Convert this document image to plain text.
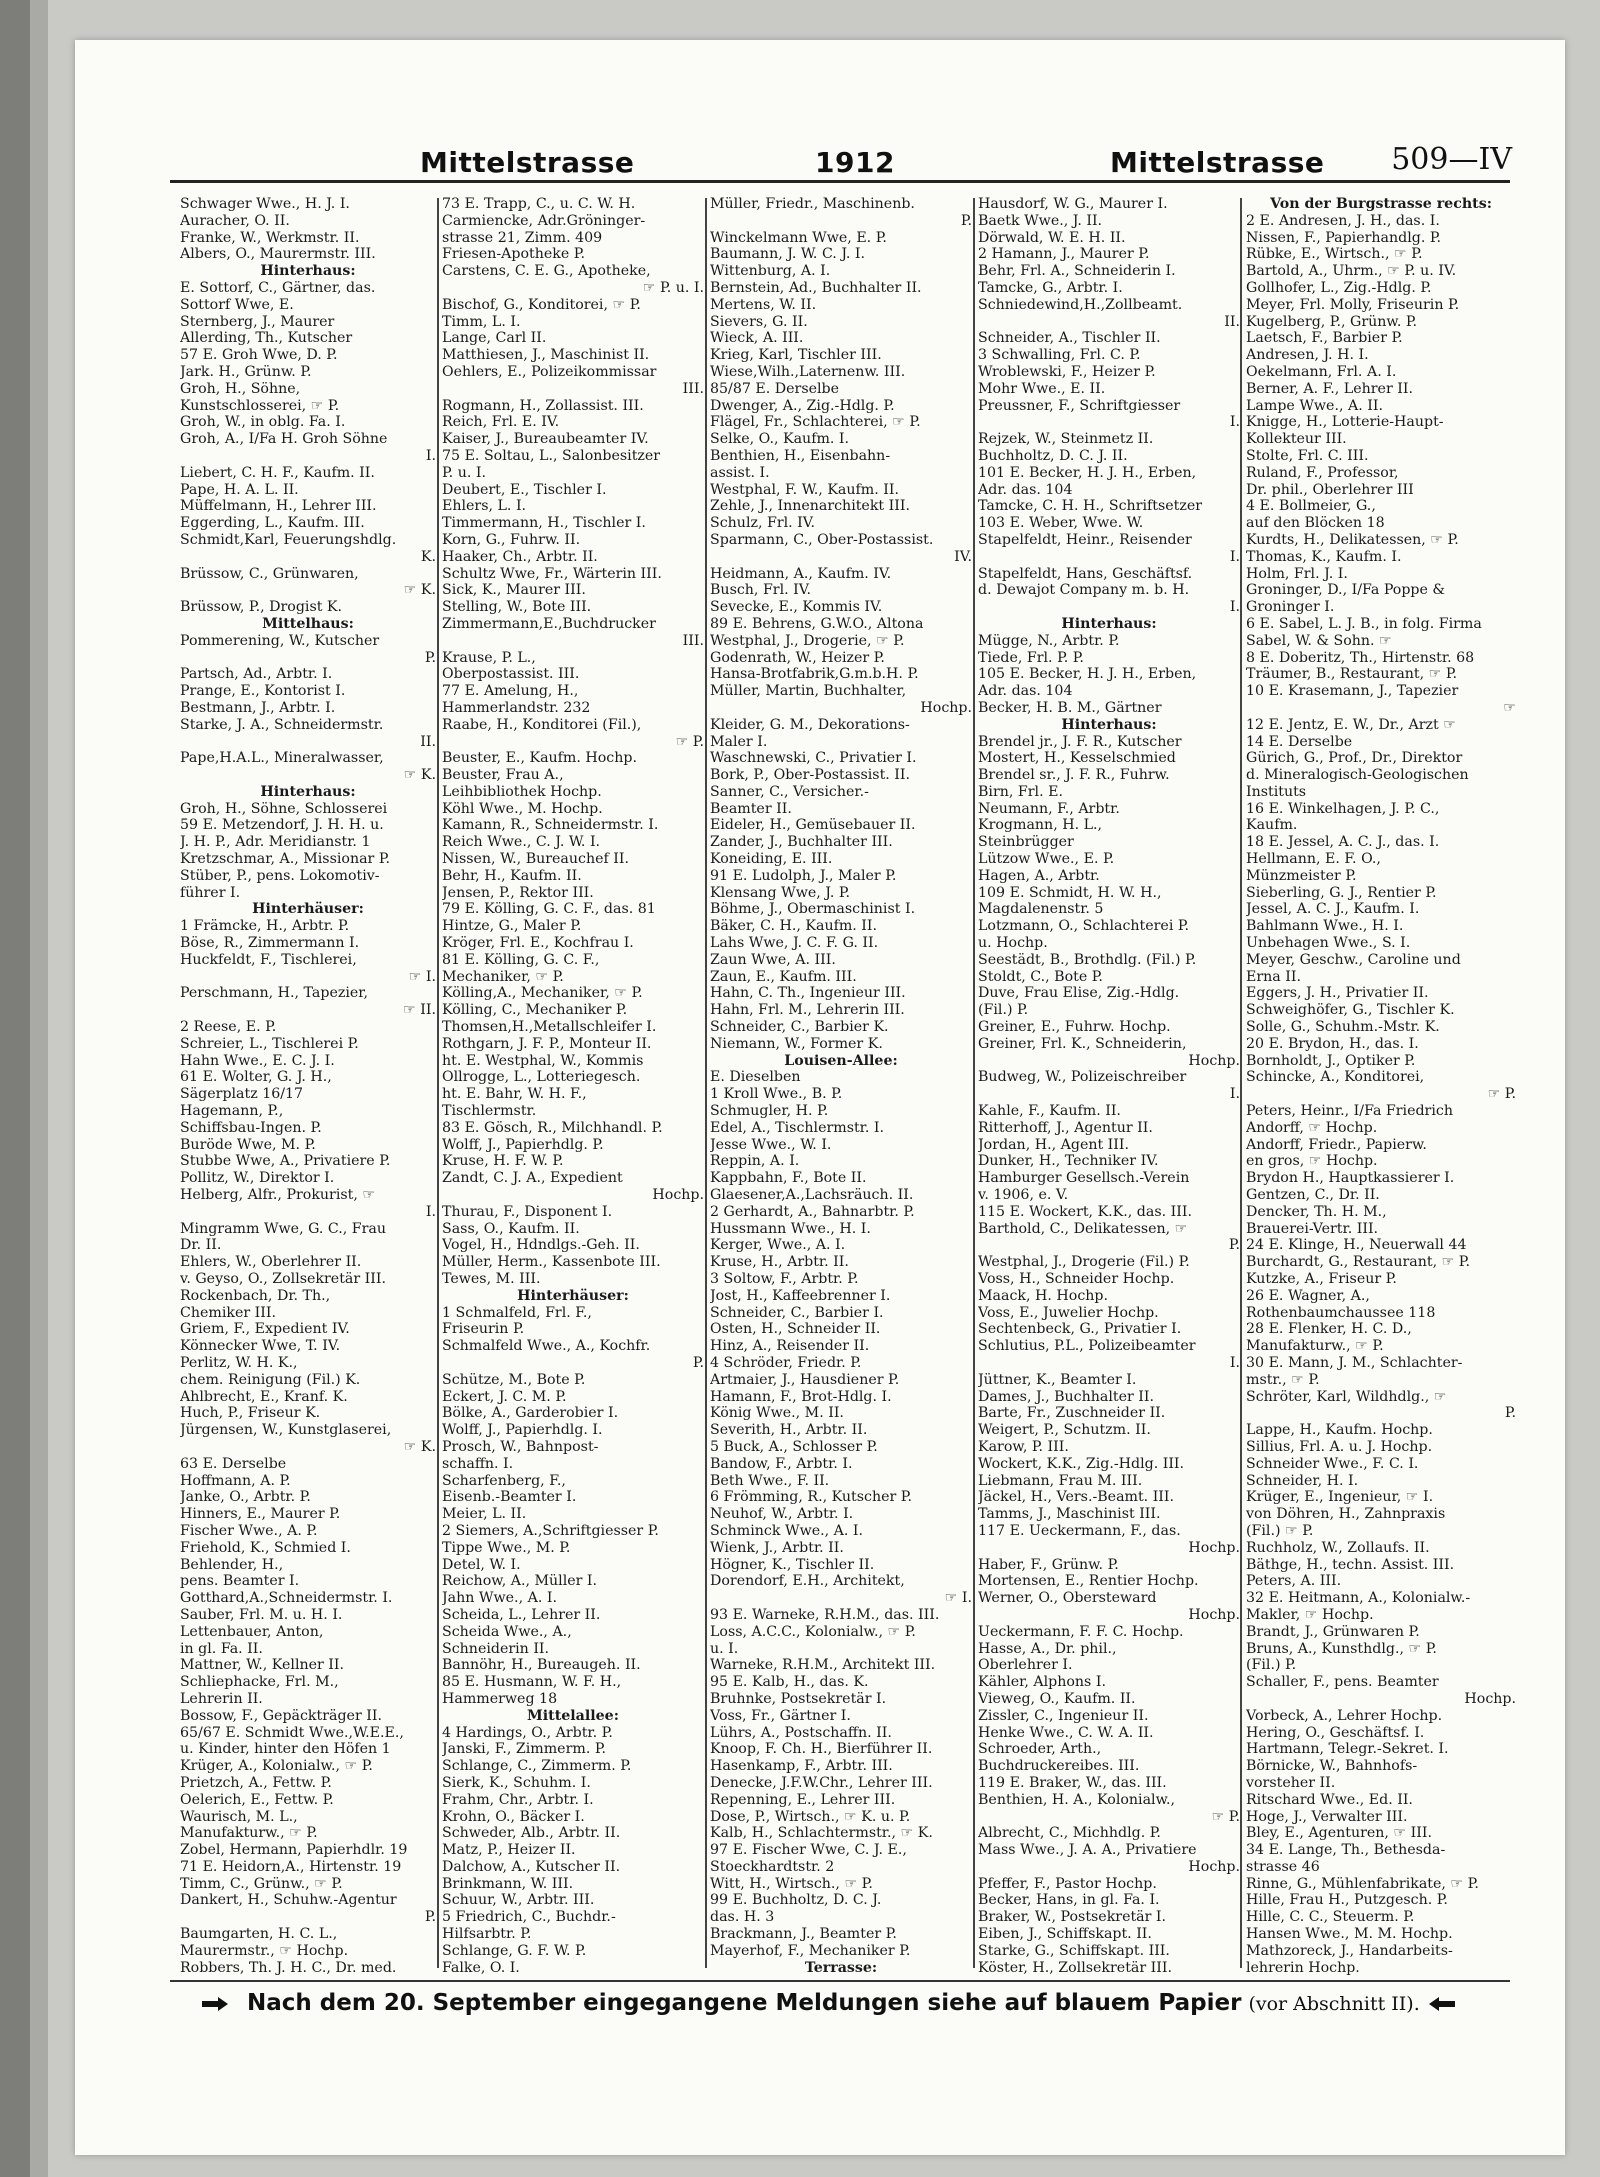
Mittelstrasse	1912	Mittelstrasse 509—IV
Schwager Wwe., H. J. I.
Auracher, O. II.
Franke, W., Werkmstr. II.
Albers, O., Maurermstr. III.
Hinterhaus:
E. Sottorf, C., Gärtner, das.
Sottorf Wwe, E.
Sternberg, J., Maurer
Allerding, Th., Kutscher
57 E. Groh Wwe, D. P.
Jark. H., Grünw. P.
Groh, H., Söhne,
Kunstschlosserei, ☞ P.
Groh, W., in oblg. Fa. I.
Groh, A., I/Fa H. Groh Söhne
I.
Liebert, C. H. F., Kaufm. II.
Pape, H. A. L. II.
Müffelmann, H., Lehrer III.
Eggerding, L., Kaufm. III.
Schmidt,Karl, Feuerungshdlg.
K.
Brüssow, C., Grünwaren,
☞ K.
Brüssow, P., Drogist K.
Mittelhaus:
Pommerening, W., Kutscher
P.
Partsch, Ad., Arbtr. I.
Prange, E., Kontorist I.
Bestmann, J., Arbtr. I.
Starke, J. A., Schneidermstr.
II.
Pape,H.A.L., Mineralwasser,
☞ K.
Hinterhaus:
Groh, H., Söhne, Schlosserei
59 E. Metzendorf, J. H. H. u.
J. H. P., Adr. Meridianstr. 1
Kretzschmar, A., Missionar P.
Stüber, P., pens. Lokomotiv-
führer I.
Hinterhäuser:
1 Främcke, H., Arbtr. P.
Böse, R., Zimmermann I.
Huckfeldt, F., Tischlerei,
☞ I.
Perschmann, H., Tapezier,
☞ II.
2 Reese, E. P.
Schreier, L., Tischlerei P.
Hahn Wwe., E. C. J. I.
61 E. Wolter, G. J. H.,
Sägerplatz 16/17
Hagemann, P.,
Schiffsbau-Ingen. P.
Buröde Wwe, M. P.
Stubbe Wwe, A., Privatiere P.
Pollitz, W., Direktor I.
Helberg, Alfr., Prokurist, ☞
I.
Mingramm Wwe, G. C., Frau
Dr. II.
Ehlers, W., Oberlehrer II.
v. Geyso, O., Zollsekretär III.
Rockenbach, Dr. Th.,
Chemiker III.
Griem, F., Expedient IV.
Könnecker Wwe, T. IV.
Perlitz, W. H. K.,
chem. Reinigung (Fil.) K.
Ahlbrecht, E., Kranf. K.
Huch, P., Friseur K.
Jürgensen, W., Kunstglaserei,
☞ K.
63 E. Derselbe
Hoffmann, A. P.
Janke, O., Arbtr. P.
Hinners, E., Maurer P.
Fischer Wwe., A. P.
Friehold, K., Schmied I.
Behlender, H.,
pens. Beamter I.
Gotthard,A.,Schneidermstr. I.
Sauber, Frl. M. u. H. I.
Lettenbauer, Anton,
in gl. Fa. II.
Mattner, W., Kellner II.
Schliephacke, Frl. M.,
Lehrerin II.
Bossow, F., Gepäckträger II.
65/67 E. Schmidt Wwe.,W.E.E.,
u. Kinder, hinter den Höfen 1
Krüger, A., Kolonialw., ☞ P.
Prietzch, A., Fettw. P.
Oelerich, E., Fettw. P.
Waurisch, M. L.,
Manufakturw., ☞ P.
Zobel, Hermann, Papierhdlr. 19
71 E. Heidorn,A., Hirtenstr. 19
Timm, C., Grünw., ☞ P.
Dankert, H., Schuhw.-Agentur
P.
Baumgarten, H. C. L.,
Maurermstr., ☞ Hochp.
Robbers, Th. J. H. C., Dr. med.
73 E. Trapp, C., u. C. W. H.
Carmiencke, Adr.Gröninger-
strasse 21, Zimm. 409
Friesen-Apotheke P.
Carstens, C. E. G., Apotheke,
☞ P. u. I.
Bischof, G., Konditorei, ☞ P.
Timm, L. I.
Lange, Carl II.
Matthiesen, J., Maschinist II.
Oehlers, E., Polizeikommissar
III.
Rogmann, H., Zollassist. III.
Reich, Frl. E. IV.
Kaiser, J., Bureaubeamter IV.
75 E. Soltau, L., Salonbesitzer
P. u. I.
Deubert, E., Tischler I.
Ehlers, L. I.
Timmermann, H., Tischler I.
Korn, G., Fuhrw. II.
Haaker, Ch., Arbtr. II.
Schultz Wwe, Fr., Wärterin III.
Sick, K., Maurer III.
Stelling, W., Bote III.
Zimmermann,E.,Buchdrucker
III.
Krause, P. L.,
Oberpostassist. III.
77 E. Amelung, H.,
Hammerlandstr. 232
Raabe, H., Konditorei (Fil.),
☞ P.
Beuster, E., Kaufm. Hochp.
Beuster, Frau A.,
Leihbibliothek Hochp.
Köhl Wwe., M. Hochp.
Kamann, R., Schneidermstr. I.
Reich Wwe., C. J. W. I.
Nissen, W., Bureauchef II.
Behr, H., Kaufm. II.
Jensen, P., Rektor III.
79 E. Kölling, G. C. F., das. 81
Hintze, G., Maler P.
Kröger, Frl. E., Kochfrau I.
81 E. Kölling, G. C. F.,
Mechaniker, ☞ P.
Kölling,A., Mechaniker, ☞ P.
Kölling, C., Mechaniker P.
Thomsen,H.,Metallschleifer I.
Rothgarn, J. F. P., Monteur II.
ht. E. Westphal, W., Kommis
Ollrogge, L., Lotteriegesch.
ht. E. Bahr, W. H. F.,
Tischlermstr.
83 E. Gösch, R., Milchhandl. P.
Wolff, J., Papierhdlg. P.
Kruse, H. F. W. P.
Zandt, C. J. A., Expedient
Hochp.
Thurau, F., Disponent I.
Sass, O., Kaufm. II.
Vogel, H., Hdndlgs.-Geh. II.
Müller, Herm., Kassenbote III.
Tewes, M. III.
Hinterhäuser:
1 Schmalfeld, Frl. F.,
Friseurin P.
Schmalfeld Wwe., A., Kochfr.
P.
Schütze, M., Bote P.
Eckert, J. C. M. P.
Bölke, A., Garderobier I.
Wolff, J., Papierhdlg. I.
Prosch, W., Bahnpost-
schaffn. I.
Scharfenberg, F.,
Eisenb.-Beamter I.
Meier, L. II.
2 Siemers, A.,Schriftgiesser P.
Tippe Wwe., M. P.
Detel, W. I.
Reichow, A., Müller I.
Jahn Wwe., A. I.
Scheida, L., Lehrer II.
Scheida Wwe., A.,
Schneiderin II.
Bannöhr, H., Bureaugeh. II.
85 E. Husmann, W. F. H.,
Hammerweg 18
Mittelallee:
4 Hardings, O., Arbtr. P.
Janski, F., Zimmerm. P.
Schlange, C., Zimmerm. P.
Sierk, K., Schuhm. I.
Frahm, Chr., Arbtr. I.
Krohn, O., Bäcker I.
Schweder, Alb., Arbtr. II.
Matz, P., Heizer II.
Dalchow, A., Kutscher II.
Brinkmann, W. III.
Schuur, W., Arbtr. III.
5 Friedrich, C., Buchdr.-
Hilfsarbtr. P.
Schlange, G. F. W. P.
Falke, O. I.
Müller, Friedr., Maschinenb.
P.
Winckelmann Wwe, E. P.
Baumann, J. W. C. J. I.
Wittenburg, A. I.
Bernstein, Ad., Buchhalter II.
Mertens, W. II.
Sievers, G. II.
Wieck, A. III.
Krieg, Karl, Tischler III.
Wiese,Wilh.,Laternenw. III.
85/87 E. Derselbe
Dwenger, A., Zig.-Hdlg. P.
Flägel, Fr., Schlachterei, ☞ P.
Selke, O., Kaufm. I.
Benthien, H., Eisenbahn-
assist. I.
Westphal, F. W., Kaufm. II.
Zehle, J., Innenarchitekt III.
Schulz, Frl. IV.
Sparmann, C., Ober-Postassist.
IV.
Heidmann, A., Kaufm. IV.
Busch, Frl. IV.
Sevecke, E., Kommis IV.
89 E. Behrens, G.W.O., Altona
Westphal, J., Drogerie, ☞ P.
Godenrath, W., Heizer P.
Hansa-Brotfabrik,G.m.b.H. P.
Müller, Martin, Buchhalter,
Hochp.
Kleider, G. M., Dekorations-
Maler I.
Waschnewski, C., Privatier I.
Bork, P., Ober-Postassist. II.
Sanner, C., Versicher.-
Beamter II.
Eideler, H., Gemüsebauer II.
Zander, J., Buchhalter III.
Koneiding, E. III.
91 E. Ludolph, J., Maler P.
Klensang Wwe, J. P.
Böhme, J., Obermaschinist I.
Bäker, C. H., Kaufm. II.
Lahs Wwe, J. C. F. G. II.
Zaun Wwe, A. III.
Zaun, E., Kaufm. III.
Hahn, C. Th., Ingenieur III.
Hahn, Frl. M., Lehrerin III.
Schneider, C., Barbier K.
Niemann, W., Former K.
Louisen-Allee:
E. Dieselben
1 Kroll Wwe., B. P.
Schmugler, H. P.
Edel, A., Tischlermstr. I.
Jesse Wwe., W. I.
Reppin, A. I.
Kappbahn, F., Bote II.
Glaesener,A.,Lachsräuch. II.
2 Gerhardt, A., Bahnarbtr. P.
Hussmann Wwe., H. I.
Kerger, Wwe., A. I.
Kruse, H., Arbtr. II.
3 Soltow, F., Arbtr. P.
Jost, H., Kaffeebrenner I.
Schneider, C., Barbier I.
Osten, H., Schneider II.
Hinz, A., Reisender II.
4 Schröder, Friedr. P.
Artmaier, J., Hausdiener P.
Hamann, F., Brot-Hdlg. I.
König Wwe., M. II.
Severith, H., Arbtr. II.
5 Buck, A., Schlosser P.
Bandow, F., Arbtr. I.
Beth Wwe., F. II.
6 Frömming, R., Kutscher P.
Neuhof, W., Arbtr. I.
Schminck Wwe., A. I.
Wienk, J., Arbtr. II.
Högner, K., Tischler II.
Dorendorf, E.H., Architekt,
☞ I.
93 E. Warneke, R.H.M., das. III.
Loss, A.C.C., Kolonialw., ☞ P.
u. I.
Warneke, R.H.M., Architekt III.
95 E. Kalb, H., das. K.
Bruhnke, Postsekretär I.
Voss, Fr., Gärtner I.
Lührs, A., Postschaffn. II.
Knoop, F. Ch. H., Bierführer II.
Hasenkamp, F., Arbtr. III.
Denecke, J.F.W.Chr., Lehrer III.
Repenning, E., Lehrer III.
Dose, P., Wirtsch., ☞ K. u. P.
Kalb, H., Schlachtermstr., ☞ K.
97 E. Fischer Wwe, C. J. E.,
Stoeckhardtstr. 2
Witt, H., Wirtsch., ☞ P.
99 E. Buchholtz, D. C. J.
das. H. 3
Brackmann, J., Beamter P.
Mayerhof, F., Mechaniker P.
Terrasse:
Hausdorf, W. G., Maurer I.
Baetk Wwe., J. II.
Dörwald, W. E. H. II.
2 Hamann, J., Maurer P.
Behr, Frl. A., Schneiderin I.
Tamcke, G., Arbtr. I.
Schniedewind,H.,Zollbeamt.
II.
Schneider, A., Tischler II.
3 Schwalling, Frl. C. P.
Wroblewski, F., Heizer P.
Mohr Wwe., E. II.
Preussner, F., Schriftgiesser
I.
Rejzek, W., Steinmetz II.
Buchholtz, D. C. J. II.
101 E. Becker, H. J. H., Erben,
Adr. das. 104
Tamcke, C. H. H., Schriftsetzer
103 E. Weber, Wwe. W.
Stapelfeldt, Heinr., Reisender
I.
Stapelfeldt, Hans, Geschäftsf.
d. Dewajot Company m. b. H.
I.
Hinterhaus:
Mügge, N., Arbtr. P.
Tiede, Frl. P. P.
105 E. Becker, H. J. H., Erben,
Adr. das. 104
Becker, H. B. M., Gärtner
Hinterhaus:
Brendel jr., J. F. R., Kutscher
Mostert, H., Kesselschmied
Brendel sr., J. F. R., Fuhrw.
Birn, Frl. E.
Neumann, F., Arbtr.
Krogmann, H. L.,
Steinbrügger
Lützow Wwe., E. P.
Hagen, A., Arbtr.
109 E. Schmidt, H. W. H.,
Magdalenenstr. 5
Lotzmann, O., Schlachterei P.
u. Hochp.
Seestädt, B., Brothdlg. (Fil.) P.
Stoldt, C., Bote P.
Duve, Frau Elise, Zig.-Hdlg.
(Fil.) P.
Greiner, E., Fuhrw. Hochp.
Greiner, Frl. K., Schneiderin,
Hochp.
Budweg, W., Polizeischreiber
I.
Kahle, F., Kaufm. II.
Ritterhoff, J., Agentur II.
Jordan, H., Agent III.
Dunker, H., Techniker IV.
Hamburger Gesellsch.-Verein
v. 1906, e. V.
115 E. Wockert, K.K., das. III.
Barthold, C., Delikatessen, ☞
P.
Westphal, J., Drogerie (Fil.) P.
Voss, H., Schneider Hochp.
Maack, H. Hochp.
Voss, E., Juwelier Hochp.
Sechtenbeck, G., Privatier I.
Schlutius, P.L., Polizeibeamter
I.
Jüttner, K., Beamter I.
Dames, J., Buchhalter II.
Barte, Fr., Zuschneider II.
Weigert, P., Schutzm. II.
Karow, P. III.
Wockert, K.K., Zig.-Hdlg. III.
Liebmann, Frau M. III.
Jäckel, H., Vers.-Beamt. III.
Tamms, J., Maschinist III.
117 E. Ueckermann, F., das.
Hochp.
Haber, F., Grünw. P.
Mortensen, E., Rentier Hochp.
Werner, O., Obersteward
Hochp.
Ueckermann, F. F. C. Hochp.
Hasse, A., Dr. phil.,
Oberlehrer I.
Kähler, Alphons I.
Vieweg, O., Kaufm. II.
Zissler, C., Ingenieur II.
Henke Wwe., C. W. A. II.
Schroeder, Arth.,
Buchdruckereibes. III.
119 E. Braker, W., das. III.
Benthien, H. A., Kolonialw.,
☞ P.
Albrecht, C., Michhdlg. P.
Mass Wwe., J. A. A., Privatiere
Hochp.
Pfeffer, F., Pastor Hochp.
Becker, Hans, in gl. Fa. I.
Braker, W., Postsekretär I.
Eiben, J., Schiffskapt. II.
Starke, G., Schiffskapt. III.
Köster, H., Zollsekretär III.
Von der Burgstrasse rechts:
2 E. Andresen, J. H., das. I.
Nissen, F., Papierhandlg. P.
Rübke, E., Wirtsch., ☞ P.
Bartold, A., Uhrm., ☞ P. u. IV.
Gollhofer, L., Zig.-Hdlg. P.
Meyer, Frl. Molly, Friseurin P.
Kugelberg, P., Grünw. P.
Laetsch, F., Barbier P.
Andresen, J. H. I.
Oekelmann, Frl. A. I.
Berner, A. F., Lehrer II.
Lampe Wwe., A. II.
Knigge, H., Lotterie-Haupt-
Kollekteur III.
Stolte, Frl. C. III.
Ruland, F., Professor,
Dr. phil., Oberlehrer III
4 E. Bollmeier, G.,
auf den Blöcken 18
Kurdts, H., Delikatessen, ☞ P.
Thomas, K., Kaufm. I.
Holm, Frl. J. I.
Groninger, D., I/Fa Poppe &
Groninger I.
6 E. Sabel, L. J. B., in folg. Firma
Sabel, W. & Sohn. ☞
8 E. Doberitz, Th., Hirtenstr. 68
Träumer, B., Restaurant, ☞ P.
10 E. Krasemann, J., Tapezier
☞
12 E. Jentz, E. W., Dr., Arzt ☞
14 E. Derselbe
Gürich, G., Prof., Dr., Direktor
d. Mineralogisch-Geologischen
Instituts
16 E. Winkelhagen, J. P. C.,
Kaufm.
18 E. Jessel, A. C. J., das. I.
Hellmann, E. F. O.,
Münzmeister P.
Sieberling, G. J., Rentier P.
Jessel, A. C. J., Kaufm. I.
Bahlmann Wwe., H. I.
Unbehagen Wwe., S. I.
Meyer, Geschw., Caroline und
Erna II.
Eggers, J. H., Privatier II.
Schweighöfer, G., Tischler K.
Solle, G., Schuhm.-Mstr. K.
20 E. Brydon, H., das. I.
Bornholdt, J., Optiker P.
Schincke, A., Konditorei,
☞ P.
Peters, Heinr., I/Fa Friedrich
Andorff, ☞ Hochp.
Andorff, Friedr., Papierw.
en gros, ☞ Hochp.
Brydon H., Hauptkassierer I.
Gentzen, C., Dr. II.
Dencker, Th. H. M.,
Brauerei-Vertr. III.
24 E. Klinge, H., Neuerwall 44
Burchardt, G., Restaurant, ☞ P.
Kutzke, A., Friseur P.
26 E. Wagner, A.,
Rothenbaumchaussee 118
28 E. Flenker, H. C. D.,
Manufakturw., ☞ P.
30 E. Mann, J. M., Schlachter-
mstr., ☞ P.
Schröter, Karl, Wildhdlg., ☞
P.
Lappe, H., Kaufm. Hochp.
Sillius, Frl. A. u. J. Hochp.
Schneider Wwe., F. C. I.
Schneider, H. I.
Krüger, E., Ingenieur, ☞ I.
von Döhren, H., Zahnpraxis
(Fil.) ☞ P.
Ruchholz, W., Zollaufs. II.
Bäthge, H., techn. Assist. III.
Peters, A. III.
32 E. Heitmann, A., Kolonialw.-
Makler, ☞ Hochp.
Brandt, J., Grünwaren P.
Bruns, A., Kunsthdlg., ☞ P.
(Fil.) P.
Schaller, F., pens. Beamter
Hochp.
Vorbeck, A., Lehrer Hochp.
Hering, O., Geschäftsf. I.
Hartmann, Telegr.-Sekret. I.
Börnicke, W., Bahnhofs-
vorsteher II.
Ritschard Wwe., Ed. II.
Hoge, J., Verwalter III.
Bley, E., Agenturen, ☞ III.
34 E. Lange, Th., Bethesda-
strasse 46
Rinne, G., Mühlenfabrikate, ☞ P.
Hille, Frau H., Putzgesch. P.
Hille, C. C., Steuerm. P.
Hansen Wwe., M. M. Hochp.
Mathzoreck, J., Handarbeits-
lehrerin Hochp.
Nach dem 20. September eingegangene Meldungen siehe auf blauem Papier (vor Abschnitt II).
